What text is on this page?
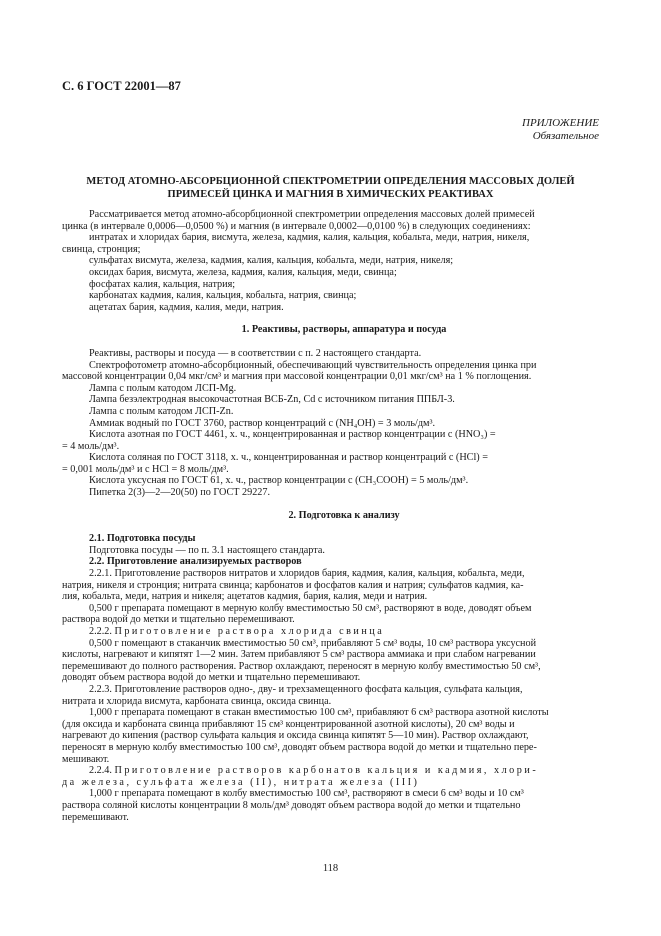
С. 6 ГОСТ 22001—87
ПРИЛОЖЕНИЕ
Обязательное
МЕТОД АТОМНО-АБСОРБЦИОННОЙ СПЕКТРОМЕТРИИ ОПРЕДЕЛЕНИЯ МАССОВЫХ ДОЛЕЙ
ПРИМЕСЕЙ ЦИНКА И МАГНИЯ В ХИМИЧЕСКИХ РЕАКТИВАХ

Рассматривается метод атомно-абсорбционной спектрометрии определения массовых долей примесей

цинка (в интервале 0,0006—0,0500 %) и магния (в интервале 0,0002—0,0100 %) в следующих соединениях:

интратах и хлоридах бария, висмута, железа, кадмия, калия, кальция, кобальта, меди, натрия, никеля,

свинца, стронция;

сульфатах висмута, железа, кадмия, калия, кальция, кобальта, меди, натрия, никеля;

оксидах бария, висмута, железа, кадмия, калия, кальция, меди, свинца;

фосфатах калия, кальция, натрия;

карбонатах кадмия, калия, кальция, кобальта, натрия, свинца;

ацетатах бария, кадмия, калия, меди, натрия.

1. Реактивы, растворы, аппаратура и посуда

Реактивы, растворы и посуда — в соответствии с п. 2 настоящего стандарта.

Спектрофотометр атомно-абсорбционный, обеспечивающий чувствительность определения цинка при

массовой концентрации 0,04 мкг/см³ и магния при массовой концентрации 0,01 мкг/см³ на 1 % поглощения.

Лампа с полым катодом ЛСП-Mg.

Лампа безэлектродная высокочастотная ВСБ-Zn, Cd с источником питания ППБЛ-3.

Лампа с полым катодом ЛСП-Zn.

Аммиак водный по ГОСТ 3760, раствор концентраций c (NH₄OH) = 3 моль/дм³.

Кислота азотная по ГОСТ 4461, х. ч., концентрированная и раствор концентрации c (HNO₃) =

= 4 моль/дм³.

Кислота соляная по ГОСТ 3118, х. ч., концентрированная и раствор концентраций c (HCl) =

= 0,001 моль/дм³ и c HCl = 8 моль/дм³.

Кислота уксусная по ГОСТ 61, х. ч., раствор концентрации c (CH₃COOH) = 5 моль/дм³.

Пипетка 2(3)—2—20(50) по ГОСТ 29227.

2. Подготовка к анализу

2.1. Подготовка посуды

Подготовка посуды — по п. 3.1 настоящего стандарта.

2.2. Приготовление анализируемых растворов

2.2.1. Приготовление растворов нитратов и хлоридов бария, кадмия, калия, кальция, кобальта, меди,

натрия, никеля и стронция; нитрата свинца; карбонатов и фосфатов калия и натрия; сульфатов кадмия, ка-

лия, кобальта, меди, натрия и никеля; ацетатов кадмия, бария, калия, меди и натрия.

0,500 г препарата помещают в мерную колбу вместимостью 50 см³, растворяют в воде, доводят объем

раствора водой до метки и тщательно перемешивают.

2.2.2. Приготовление раствора хлорида свинца

0,500 г помещают в стаканчик вместимостью 50 см³, прибавляют 5 см³ воды, 10 см³ раствора уксусной

кислоты, нагревают и кипятят 1—2 мин. Затем прибавляют 5 см³ раствора аммиака и при слабом нагревании

перемешивают до полного растворения. Раствор охлаждают, переносят в мерную колбу вместимостью 50 см³,

доводят объем раствора водой до метки и тщательно перемешивают.

2.2.3. Приготовление растворов одно-, дву- и трехзамещенного фосфата кальция, сульфата кальция,

нитрата и хлорида висмута, карбоната свинца, оксида свинца.

1,000 г препарата помещают в стакан вместимостью 100 см³, прибавляют 6 см³ раствора азотной кислоты

(для оксида и карбоната свинца прибавляют 15 см³ концентрированной азотной кислоты), 20 см³ воды и

нагревают до кипения (раствор сульфата кальция и оксида свинца кипятят 5—10 мин). Раствор охлаждают,

переносят в мерную колбу вместимостью 100 см³, доводят объем раствора водой до метки и тщательно пере-

мешивают.

2.2.4. Приготовление растворов карбонатов кальция и кадмия, хлори-

да железа, сульфата железа (II), нитрата железа (III)

1,000 г препарата помещают в колбу вместимостью 100 см³, растворяют в смеси 6 см³ воды и 10 см³

раствора соляной кислоты концентрации 8 моль/дм³ доводят объем раствора водой до метки и тщательно

перемешивают.

118
